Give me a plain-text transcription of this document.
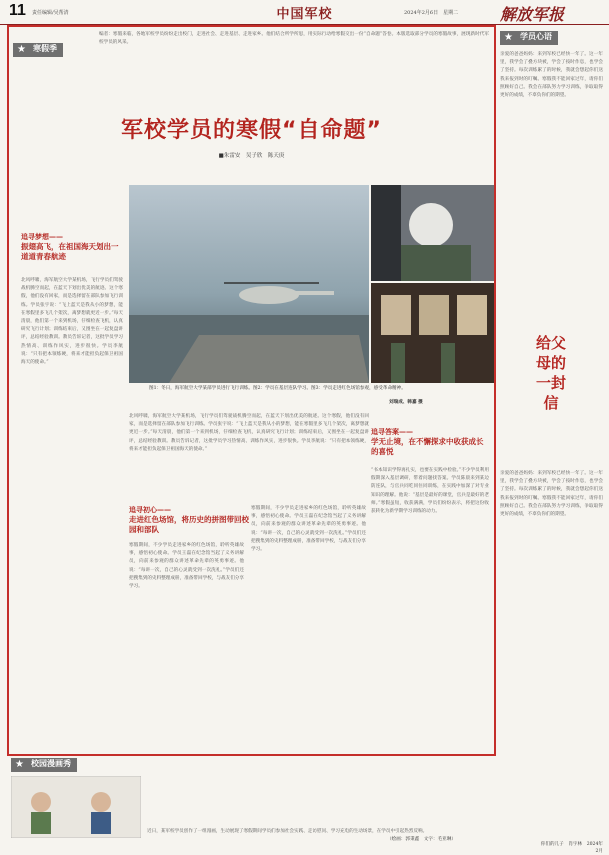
11 责任编辑/吴帮清	中国军校	2024年2月6日　星期二	解放军报
★ 寒假季
编者：寒假来临，各地军校学员纷纷走出校门，走进社会、走进基层、走进家乡。他们结合所学所思，用实际行动给寒假交出一份“自命题”答卷。本版选取部分学员的寒假故事，展现新时代军校学员的风采。
军校学员的寒假“自命题”
■朱雷安　吴子欣　陈天庚
追寻梦想——
振翅高飞，在祖国海天划出一道道青春航迹
北风呼啸，海军航空大学某机场，飞行学员们驾驶战机腾空而起，在蓝天下划出优美的航迹。这个寒假，他们没有回家，而是选择留在部队参加飞行训练。学员张宇说：“飞上蓝天是我从小的梦想，能在寒假里多飞几个架次，离梦想就更近一步。”每天清晨，他们第一个来到机场，仔细检查飞机，认真研究飞行计划；训练结束后，又围坐在一起复盘讲评，总结经验教训。教员告诉记者，这批学员学习热情高、训练作风实，进步很快。学员李航说：“只有把本领练硬，将来才能担负起保卫祖国海天的使命。”
图1：冬日，海军航空大学某部学员进行飞行训练。图2：学员在基层连队学习。图3：学员走进红色场馆参观，感受革命精神。
刘瑞成、韩嘉 摄
北风呼啸，海军航空大学某机场，飞行学员们驾驶战机腾空而起，在蓝天下划出优美的航迹。这个寒假，他们没有回家，而是选择留在部队参加飞行训练。学员张宇说：“飞上蓝天是我从小的梦想，能在寒假里多飞几个架次，离梦想就更近一步。”每天清晨，他们第一个来到机场，仔细检查飞机，认真研究飞行计划；训练结束后，又围坐在一起复盘讲评，总结经验教训。教员告诉记者，这批学员学习热情高、训练作风实，进步很快。学员李航说：“只有把本领练硬，将来才能担负起保卫祖国海天的使命。”
追寻初心——
走进红色场馆，将历史的拼图带回校园和部队
寒假期间，不少学员走进家乡的红色场馆，聆听英雄故事，感悟初心使命。学员王磊在纪念馆当起了义务讲解员，向前来参观的群众讲述革命先辈的英勇事迹。他说：“每讲一次，自己的心灵就受到一次洗礼。”学员们还把搜集到的史料整理成册，准备带回学校，与战友们分享学习。
寒假期间，不少学员走进家乡的红色场馆，聆听英雄故事，感悟初心使命。学员王磊在纪念馆当起了义务讲解员，向前来参观的群众讲述革命先辈的英勇事迹。他说：“每讲一次，自己的心灵就受到一次洗礼。”学员们还把搜集到的史料整理成册，准备带回学校，与战友们分享学习。
追寻答案——
学无止境，在不懈探求中收获成长的喜悦
“书本知识学得再扎实，也要在实践中检验。”不少学员利用假期深入基层调研，带着问题找答案。学员陈晨来到某边防连队，与官兵同吃同住同训练，在实践中加深了对专业知识的理解。他说：“基层是最好的课堂，官兵是最好的老师。”寒假虽短，收获满满，学员们纷纷表示，将把这份收获转化为新学期学习训练的动力。
★ 学员心语
亲爱的爸爸妈妈：来到军校已经快一年了。这一年里，我学会了叠方块被，学会了按时作息，也学会了坚持。每次训练累了的时候，我就会想起你们送我来报到时的叮嘱。寒假我不能回家过年，请你们照顾好自己。我会在部队努力学习训练，争取取得更好的成绩，不辜负你们的期望。
亲爱的爸爸妈妈：来到军校已经快一年了。这一年里，我学会了叠方块被，学会了按时作息，也学会了坚持。每次训练累了的时候，我就会想起你们送我来报到时的叮嘱。寒假我不能回家过年，请你们照顾好自己。我会在部队努力学习训练，争取取得更好的成绩，不辜负你们的期望。
你们的儿子　肖宇林　2024年2月
给父母的一封信
★ 校园漫画秀
近日，某军校学员创作了一组漫画，生动展现了寒假期间学员们参加社会实践、走访慰问、学习充电的生动场景，在学员中引起热烈反响。
（绘画：郭秉鑫　文字：毛亚琳）
